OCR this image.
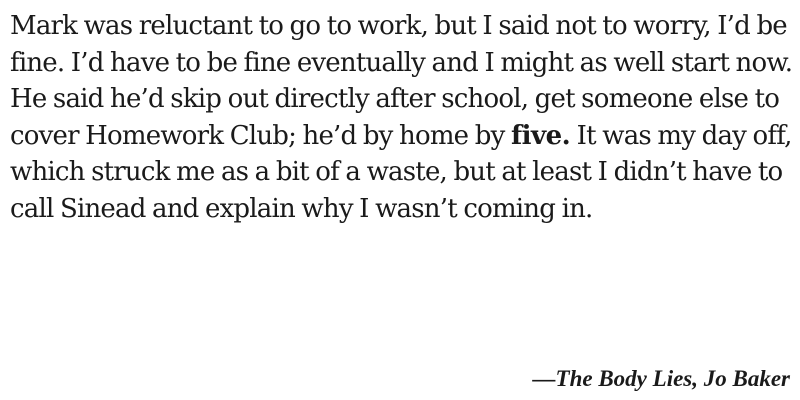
Mark was reluctant to go to work, but I said not to worry, I’d be fine. I’d have to be fine eventually and I might as well start now. He said he’d skip out directly after school, get someone else to cover Homework Club; he’d by home by five. It was my day off, which struck me as a bit of a waste, but at least I didn’t have to call Sinead and explain why I wasn’t coming in.

—The Body Lies, Jo Baker
